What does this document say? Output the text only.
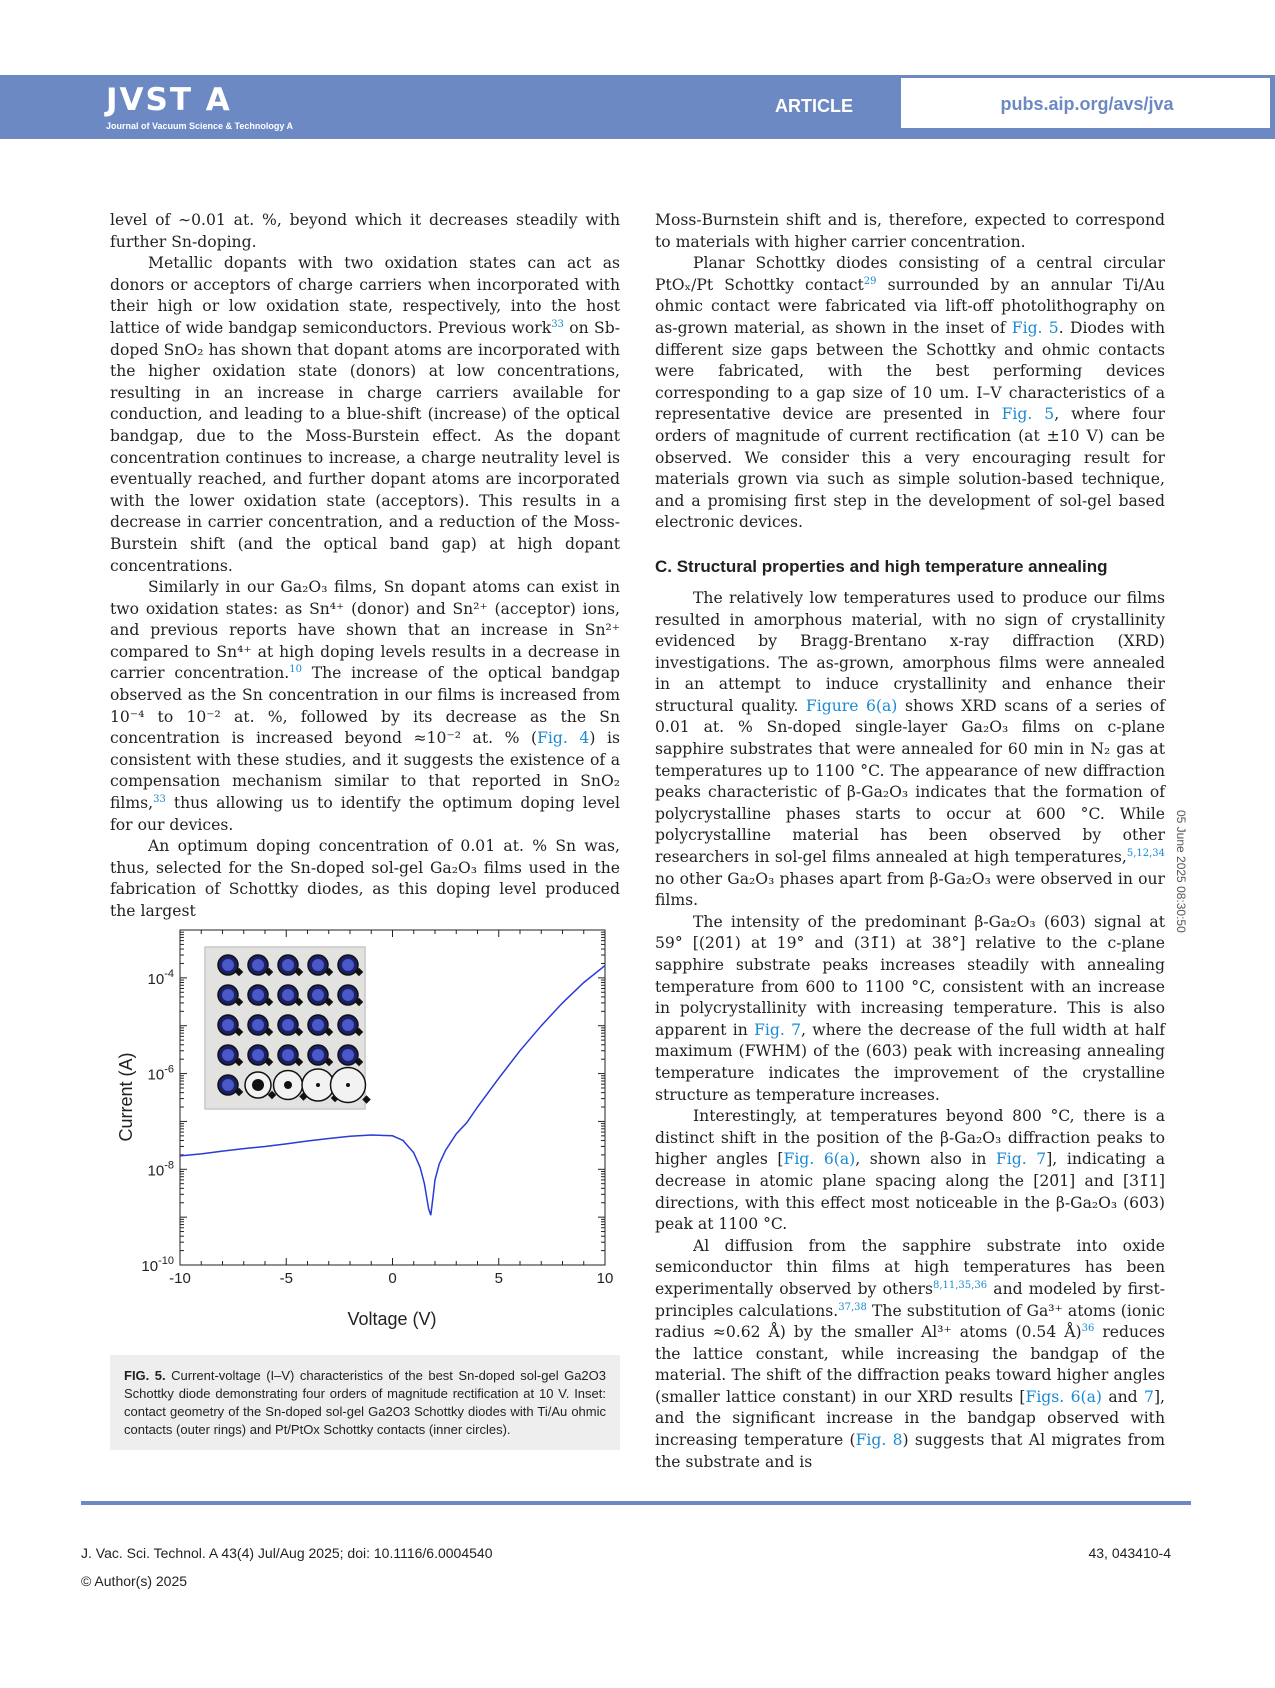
JVST A
Journal of Vacuum Science & Technology A
ARTICLE	pubs.aip.org/avs/jva

level of ∼0.01 at. %, beyond which it decreases steadily with further Sn-doping.

Metallic dopants with two oxidation states can act as donors or acceptors of charge carriers when incorporated with their high or low oxidation state, respectively, into the host lattice of wide bandgap semiconductors. Previous work$^{33}$ on Sb-doped SnO₂ has shown that dopant atoms are incorporated with the higher oxidation state (donors) at low concentrations, resulting in an increase in charge carriers available for conduction, and leading to a blue-shift (increase) of the optical bandgap, due to the Moss-Burstein effect. As the dopant concentration continues to increase, a charge neutrality level is eventually reached, and further dopant atoms are incorporated with the lower oxidation state (acceptors). This results in a decrease in carrier concentration, and a reduction of the Moss-Burstein shift (and the optical band gap) at high dopant concentrations.

Similarly in our Ga₂O₃ films, Sn dopant atoms can exist in two oxidation states: as Sn⁴⁺ (donor) and Sn²⁺ (acceptor) ions, and previous reports have shown that an increase in Sn²⁺ compared to Sn⁴⁺ at high doping levels results in a decrease in carrier concentration.$^{10}$ The increase of the optical bandgap observed as the Sn concentration in our films is increased from 10⁻⁴ to 10⁻² at. %, followed by its decrease as the Sn concentration is increased beyond ≈10⁻² at. % (Fig. 4) is consistent with these studies, and it suggests the existence of a compensation mechanism similar to that reported in SnO₂ films,$^{33}$ thus allowing us to identify the optimum doping level for our devices.

An optimum doping concentration of 0.01 at. % Sn was, thus, selected for the Sn-doped sol-gel Ga₂O₃ films used in the fabrication of Schottky diodes, as this doping level produced the largest

Moss-Burnstein shift and is, therefore, expected to correspond to materials with higher carrier concentration.

Planar Schottky diodes consisting of a central circular PtOₓ/Pt Schottky contact$^{29}$ surrounded by an annular Ti/Au ohmic contact were fabricated via lift-off photolithography on as-grown material, as shown in the inset of Fig. 5. Diodes with different size gaps between the Schottky and ohmic contacts were fabricated, with the best performing devices corresponding to a gap size of 10 um. I–V characteristics of a representative device are presented in Fig. 5, where four orders of magnitude of current rectification (at ±10 V) can be observed. We consider this a very encouraging result for materials grown via such as simple solution-based technique, and a promising first step in the development of sol-gel based electronic devices.

C. Structural properties and high temperature annealing

The relatively low temperatures used to produce our films resulted in amorphous material, with no sign of crystallinity evidenced by Bragg-Brentano x-ray diffraction (XRD) investigations. The as-grown, amorphous films were annealed in an attempt to induce crystallinity and enhance their structural quality. Figure 6(a) shows XRD scans of a series of 0.01 at. % Sn-doped single-layer Ga₂O₃ films on c-plane sapphire substrates that were annealed for 60 min in N₂ gas at temperatures up to 1100 °C. The appearance of new diffraction peaks characteristic of β-Ga₂O₃ indicates that the formation of polycrystalline phases starts to occur at 600 °C. While polycrystalline material has been observed by other researchers in sol-gel films annealed at high temperatures,$^{5,12,34}$ no other Ga₂O₃ phases apart from β-Ga₂O₃ were observed in our films.

The intensity of the predominant β-Ga₂O₃ (60̄3) signal at 59° [(20̄1) at 19° and (31̄1) at 38°] relative to the c-plane sapphire substrate peaks increases steadily with annealing temperature from 600 to 1100 °C, consistent with an increase in polycrystallinity with increasing temperature. This is also apparent in Fig. 7, where the decrease of the full width at half maximum (FWHM) of the (60̄3) peak with increasing annealing temperature indicates the improvement of the crystalline structure as temperature increases.

Interestingly, at temperatures beyond 800 °C, there is a distinct shift in the position of the β-Ga₂O₃ diffraction peaks to higher angles [Fig. 6(a), shown also in Fig. 7], indicating a decrease in atomic plane spacing along the [20̄1] and [31̄1] directions, with this effect most noticeable in the β-Ga₂O₃ (60̄3) peak at 1100 °C.

Al diffusion from the sapphire substrate into oxide semiconductor thin films at high temperatures has been experimentally observed by others$^{8,11,35,36}$ and modeled by first-principles calculations.$^{37,38}$ The substitution of Ga³⁺ atoms (ionic radius ≈0.62 Å) by the smaller Al³⁺ atoms (0.54 Å)$^{36}$ reduces the lattice constant, while increasing the bandgap of the material. The shift of the diffraction peaks toward higher angles (smaller lattice constant) in our XRD results [Figs. 6(a) and 7], and the significant increase in the bandgap observed with increasing temperature (Fig. 8) suggests that Al migrates from the substrate and is

05 June 2025 08:30:50
-10	-5	0	5	10
$10^{-4}$
$10^{-6}$
$10^{-8}$
$10^{-10}$
Voltage (V)
Current (A)
FIG. 5. Current-voltage (I–V) characteristics of the best Sn-doped sol-gel Ga2O3 Schottky diode demonstrating four orders of magnitude rectification at 10 V. Inset: contact geometry of the Sn-doped sol-gel Ga2O3 Schottky diodes with Ti/Au ohmic contacts (outer rings) and Pt/PtOx Schottky contacts (inner circles).
J. Vac. Sci. Technol. A 43(4) Jul/Aug 2025; doi: 10.1116/6.0004540
© Author(s) 2025
43, 043410-4
